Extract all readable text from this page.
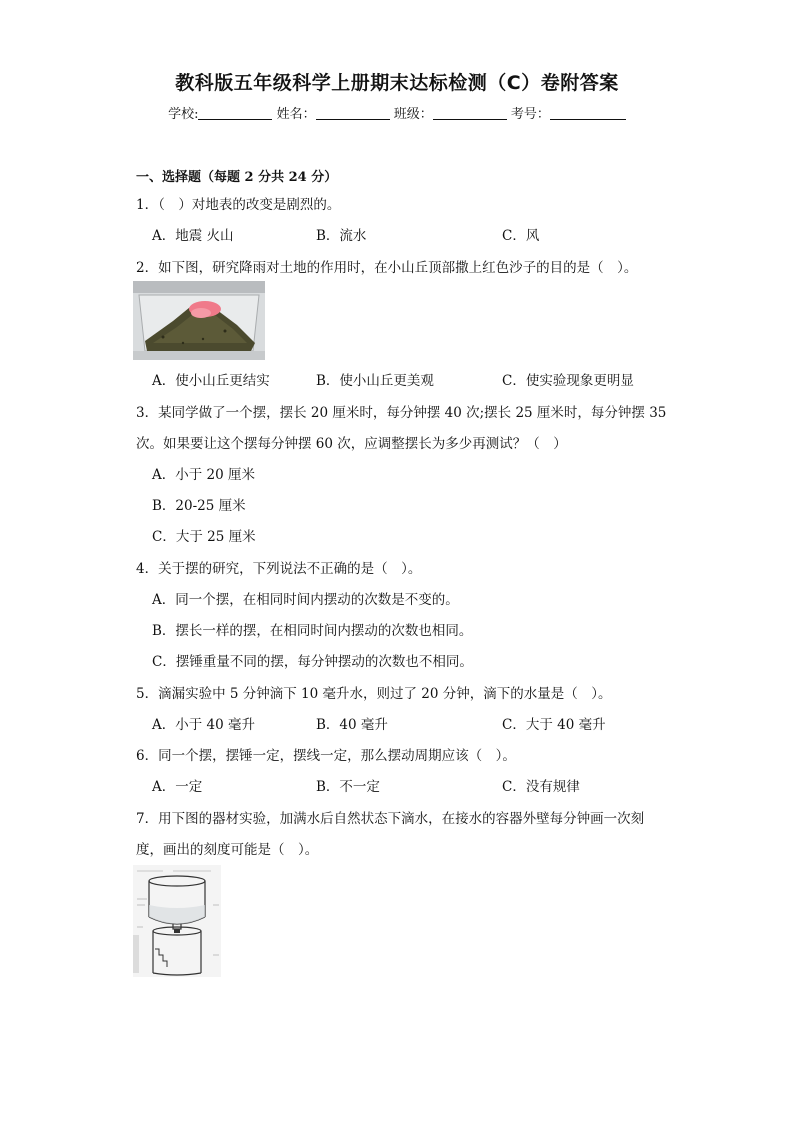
教科版五年级科学上册期末达标检测（C）卷附答案
学校:	姓名：	班级：	考号：
一、选择题（每题 2 分共 24 分）
1．（　）对地表的改变是剧烈的。
A．地震 火山	B．流水	C．风
2．如下图，研究降雨对土地的作用时，在小山丘顶部撒上红色沙子的目的是（　）。
A．使小山丘更结实	B．使小山丘更美观	C．使实验现象更明显
3．某同学做了一个摆，摆长 20 厘米时，每分钟摆 40 次;摆长 25 厘米时，每分钟摆 35
次。如果要让这个摆每分钟摆 60 次，应调整摆长为多少再测试？（　）
A．小于 20 厘米
B．20-25 厘米
C．大于 25 厘米
4．关于摆的研究，下列说法不正确的是（　）。
A．同一个摆，在相同时间内摆动的次数是不变的。
B．摆长一样的摆，在相同时间内摆动的次数也相同。
C．摆锤重量不同的摆，每分钟摆动的次数也不相同。
5．滴漏实验中 5 分钟滴下 10 毫升水，则过了 20 分钟，滴下的水量是（　）。
A．小于 40 毫升	B．40 毫升	C．大于 40 毫升
6．同一个摆，摆锤一定，摆线一定，那么摆动周期应该（　）。
A．一定	B．不一定	C．没有规律
7．用下图的器材实验，加满水后自然状态下滴水，在接水的容器外壁每分钟画一次刻
度，画出的刻度可能是（　）。
